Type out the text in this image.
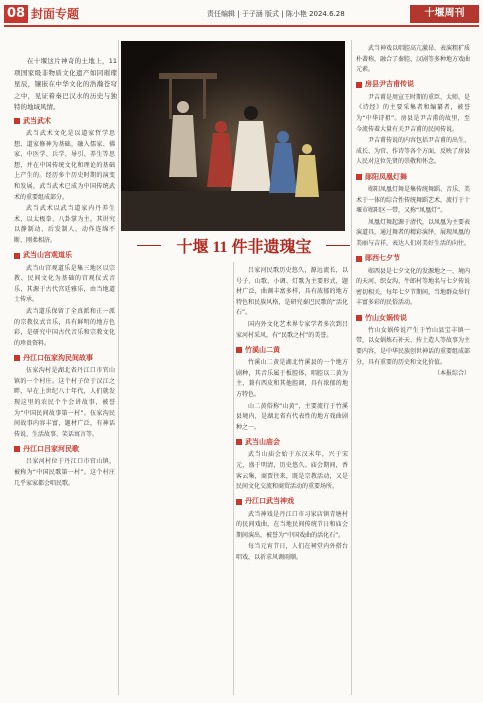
08 封面专题	责任编辑 | 于子涵 版式 | 陈小艳 2024.6.28	十堰周刊
在十堰这片神奇的土地上，11项国家级非物质文化遗产如同璀璨星辰，镶嵌在中华文化的浩瀚苍穹之中，见证着秦巴汉水的历史与独特的地域风情。
十堰 11 件非遗瑰宝
武当武术

武当武术文化是以道家哲学思想、道家修神为基础，融入儒家、佛家、中医学、兵学、导引、养生等思想，并在中国传统文化和理论的基础上产生的。经历多个历史时期的演变和发展，武当武术已成为中国传统武术的重要组成部分。

武当武术以武当道家内丹养生术、以太极拳、八卦掌为主，其讲究以静制动、后发制人，动作连绵不断、刚柔相济。

武当山宫观道乐

武当山宫观道乐是集三地区以宗教、民间文化为基础的宫观仪式音乐，其源于古代宫廷雅乐，由当地道士传承。

武当道乐保留了全真派和正一派的宗教仪式音乐，具有鲜明的地方色彩，是研究中国古代音乐和宗教文化的珍贵资料。

丹江口伍家沟民间故事

伍家沟村是湖北省丹江口市官山镇的一个村庄。这个村子位于汉江之畔，早在上世纪八十年代，人们就发现这里的农民个个会讲故事，被誉为“中国民间故事第一村”。伍家沟民间故事内容丰富，题材广泛，有神话传说、生活故事、笑话寓言等。

丹江口吕家河民歌

吕家河村位于丹江口市官山镇，被称为“中国民歌第一村”。这个村庄几乎家家都会唱民歌。

吕家河民歌历史悠久，源远流长，以号子、山歌、小调、灯歌为主要形式，题材广泛，曲调丰富多样，具有浓郁的地方特色和民族风格，是研究秦巴民歌的“活化石”。

国内外文化艺术界专家学者多次到吕家河村采风，有“民歌之村”的美誉。

竹溪山二黄

竹溪山二黄是湖北竹溪县的一个地方剧种，其音乐属于板腔体，唱腔以二黄为主，兼有西皮和其他腔调，具有浓郁的地方特色。

山二黄俗称“山黄”，主要流行于竹溪县境内，是湖北省有代表性的地方戏曲剧种之一。

武当山庙会

武当山庙会始于东汉末年，兴于宋元，盛于明清，历史悠久。庙会期间，香客云集，商贾往来，既是宗教活动，又是民间文化交流和商贸活动的重要场所。

丹江口武当神戏

武当神戏是丹江口市习家店镇青塘村的民间戏曲，在当地民间传统节日和庙会期间演出，被誉为“中国戏曲的活化石”。

每当元宵节日，人们在祠堂内外搭台唱戏，以祈求风调雨顺。

武当神戏以唱腔高亢激昂、表演粗犷质朴著称，融合了秦腔、汉剧等多种地方戏曲元素。

房县尹吉甫传说

尹吉甫是周宣王时期的重臣、太师，是《诗经》的主要采集者和编纂者，被誉为“中华诗祖”。房县是尹吉甫的故里，至今流传着大量有关尹吉甫的民间传说。

尹吉甫传说的内容包括尹吉甫的出生、成长、为官、作诗等各个方面，反映了房县人民对这位先贤的崇敬和怀念。

郧阳凤凰灯舞

郧阳凤凰灯舞是集传统舞蹈、音乐、美术于一体的综合性传统舞蹈艺术，流行于十堰市郧阳区一带，又称“凤凰灯”。

凤凰灯舞起源于清代，以凤凰为主要表演道具，通过舞者的精彩演绎，展现凤凰的美丽与吉祥，表达人们对美好生活的向往。

郧西七夕节

郧西县是七夕文化的发源地之一，境内的天河、织女沟、牛郎村等地名与七夕传说密切相关，每年七夕节期间，当地群众举行丰富多彩的民俗活动。

竹山女娲传说

竹山女娲传说产生于竹山县宝丰镇一带，以女娲炼石补天、抟土造人等故事为主要内容，是中华民族创世神话的重要组成部分，具有重要的历史和文化价值。

（本报综合）
